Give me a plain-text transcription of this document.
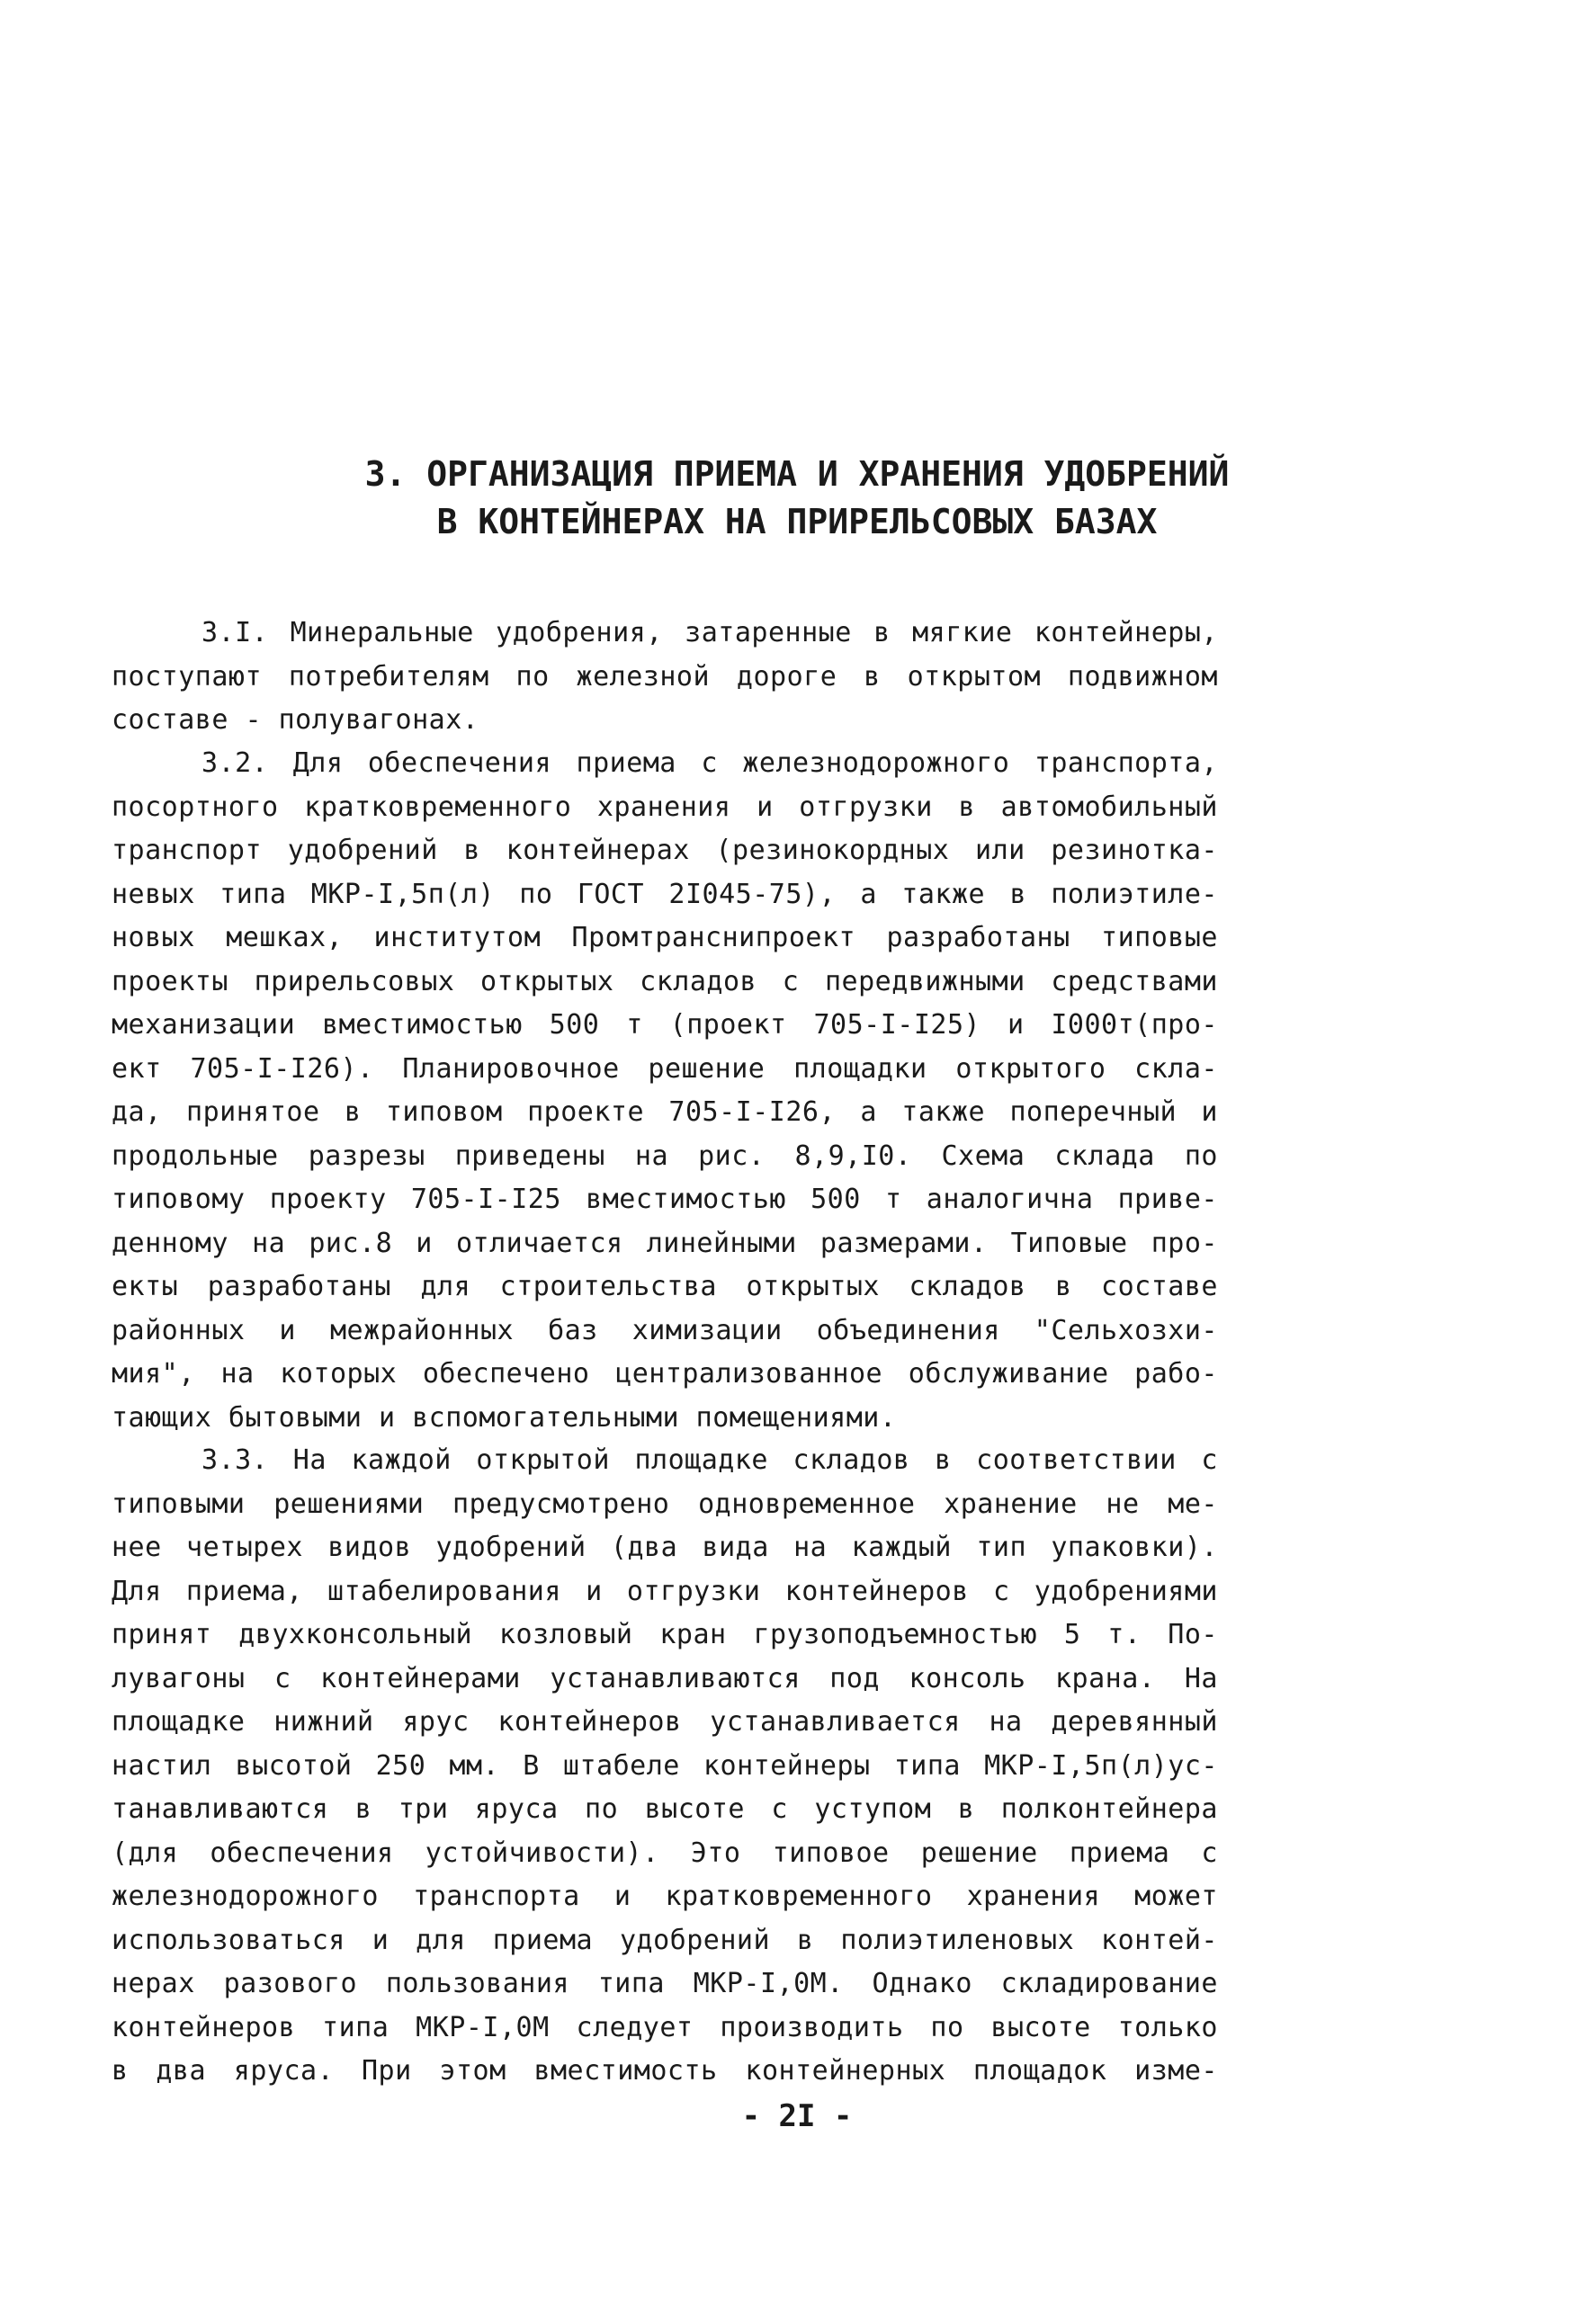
3. ОРГАНИЗАЦИЯ ПРИЕМА И ХРАНЕНИЯ УДОБРЕНИЙ
В КОНТЕЙНЕРАХ НА ПРИРЕЛЬСОВЫХ БАЗАХ
3.I. Минеральные удобрения, затаренные в мягкие контейнеры,
поступают потребителям по железной дороге в открытом подвижном
составе - полувагонах.
3.2. Для обеспечения приема с железнодорожного транспорта,
посортного кратковременного хранения и отгрузки в автомобильный
транспорт удобрений в контейнерах (резинокордных или резинотка-
невых типа МКР-I,5п(л) по ГОСТ 2I045-75), а также в полиэтиле-
новых мешках, институтом Промтранснипроект разработаны типовые
проекты прирельсовых открытых складов с передвижными средствами
механизации вместимостью 500 т (проект 705-I-I25) и I000т(про-
ект 705-I-I26). Планировочное решение площадки открытого скла-
да, принятое в типовом проекте 705-I-I26, а также поперечный и
продольные разрезы приведены на рис. 8,9,I0. Схема склада по
типовому проекту 705-I-I25 вместимостью 500 т аналогична приве-
денному на рис.8 и отличается линейными размерами. Типовые про-
екты разработаны для строительства открытых складов в составе
районных и межрайонных баз химизации объединения "Сельхозхи-
мия", на которых обеспечено централизованное обслуживание рабо-
тающих бытовыми и вспомогательными помещениями.
3.3. На каждой открытой площадке складов в соответствии с
типовыми решениями предусмотрено одновременное хранение не ме-
нее четырех видов удобрений (два вида на каждый тип упаковки).
Для приема, штабелирования и отгрузки контейнеров с удобрениями
принят двухконсольный козловый кран грузоподъемностью 5 т. По-
лувагоны с контейнерами устанавливаются под консоль крана. На
площадке нижний ярус контейнеров устанавливается на деревянный
настил высотой 250 мм. В штабеле контейнеры типа МКР-I,5п(л)ус-
танавливаются в три яруса по высоте с уступом в полконтейнера
(для обеспечения устойчивости). Это типовое решение приема с
железнодорожного транспорта и кратковременного хранения может
использоваться и для приема удобрений в полиэтиленовых контей-
нерах разового пользования типа МКР-I,0М. Однако складирование
контейнеров типа МКР-I,0М следует производить по высоте только
в два яруса. При этом вместимость контейнерных площадок изме-
- 2I -
